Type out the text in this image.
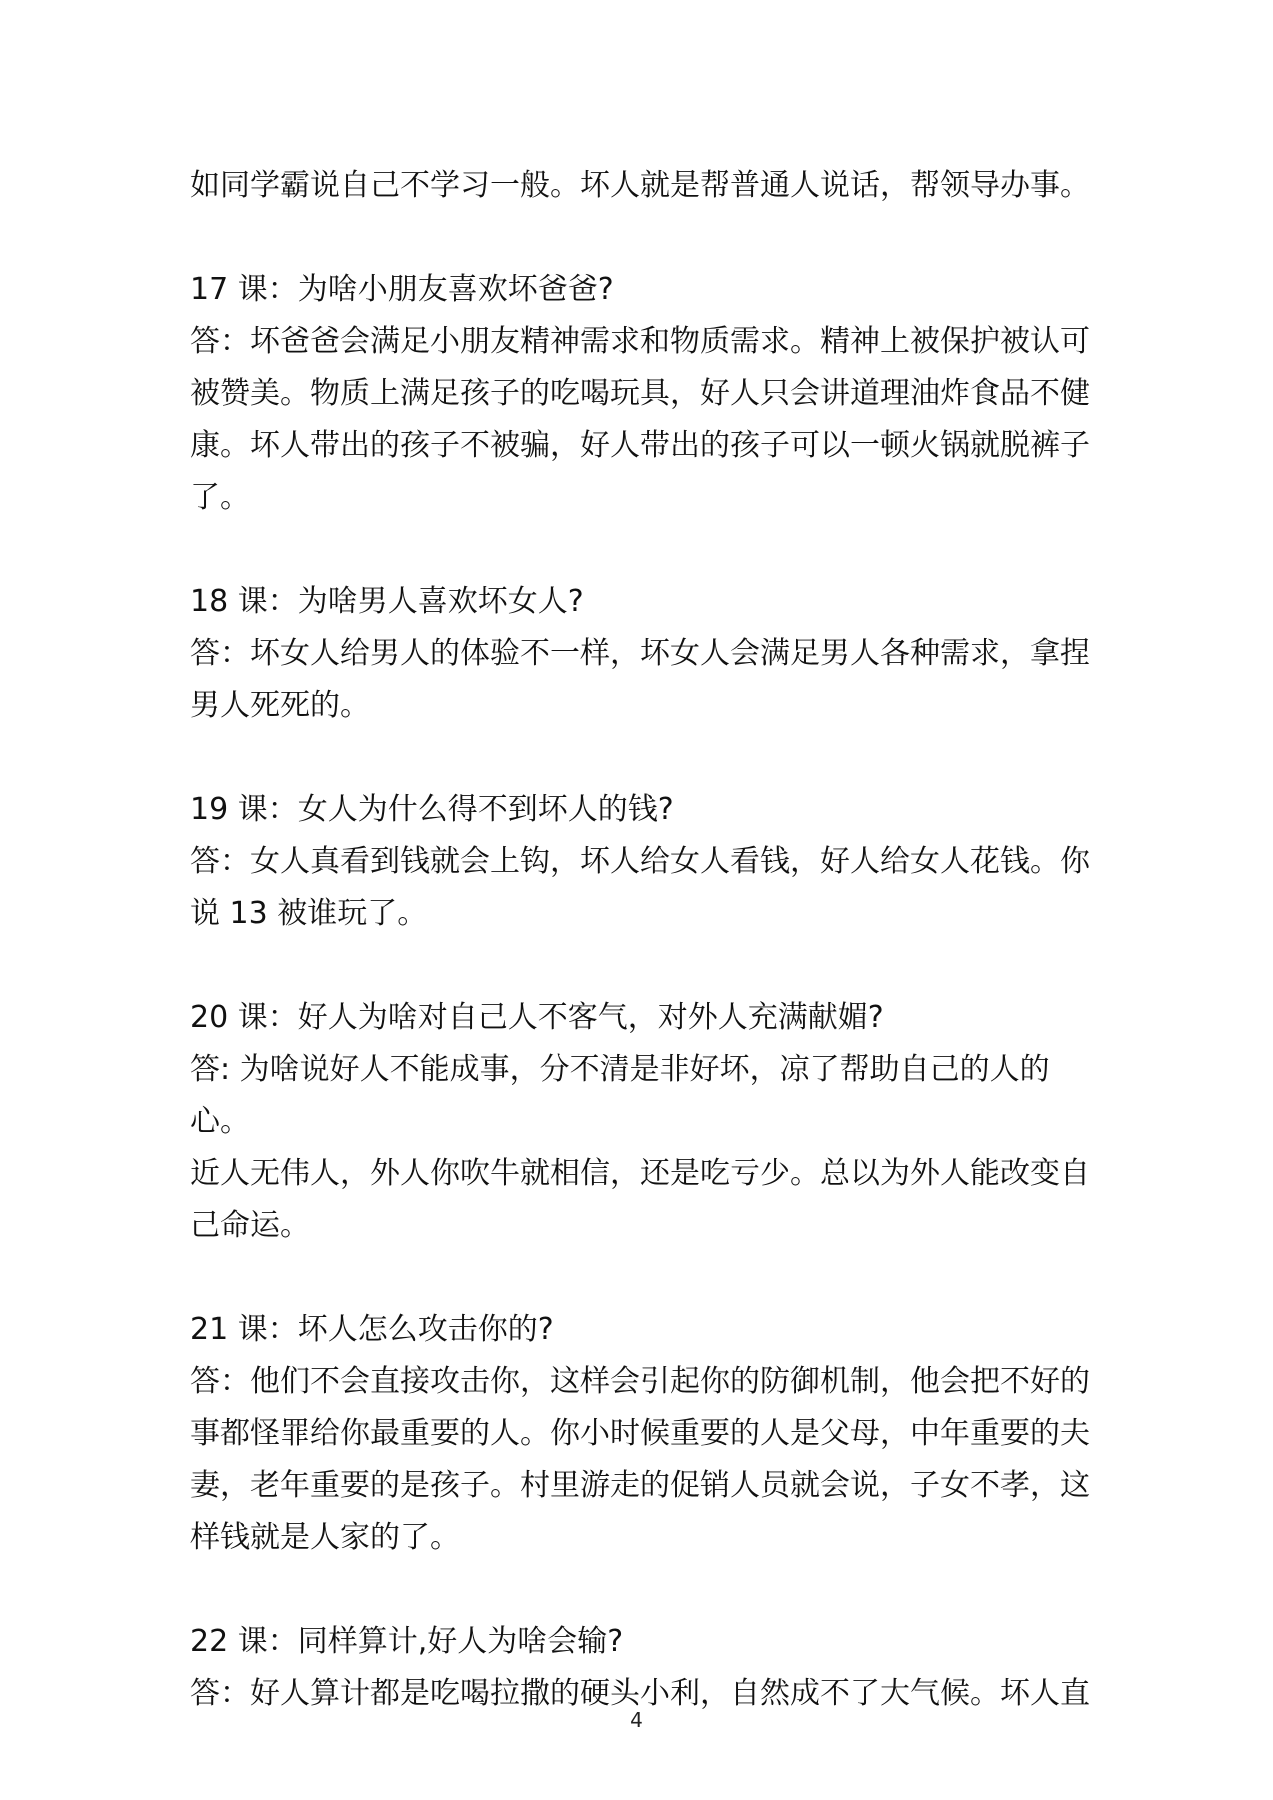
如同学霸说自己不学习一般。坏人就是帮普通人说话，帮领导办事。

17 课：为啥小朋友喜欢坏爸爸?

答：坏爸爸会满足小朋友精神需求和物质需求。精神上被保护被认可

被赞美。物质上满足孩子的吃喝玩具，好人只会讲道理油炸食品不健

康。坏人带出的孩子不被骗，好人带出的孩子可以一顿火锅就脱裤子

了。

18 课：为啥男人喜欢坏女人?

答：坏女人给男人的体验不一样，坏女人会满足男人各种需求，拿捏

男人死死的。

19 课：女人为什么得不到坏人的钱?

答：女人真看到钱就会上钩，坏人给女人看钱，好人给女人花钱。你

说 13 被谁玩了。

20 课：好人为啥对自己人不客气，对外人充满献媚?

答: 为啥说好人不能成事，分不清是非好坏，凉了帮助自己的人的心。

近人无伟人，外人你吹牛就相信，还是吃亏少。总以为外人能改变自

己命运。

21 课：坏人怎么攻击你的?

答：他们不会直接攻击你，这样会引起你的防御机制，他会把不好的

事都怪罪给你最重要的人。你小时候重要的人是父母，中年重要的夫

妻，老年重要的是孩子。村里游走的促销人员就会说，子女不孝，这

样钱就是人家的了。

22 课：同样算计,好人为啥会输?

答：好人算计都是吃喝拉撒的硬头小利，自然成不了大气候。坏人直

4
